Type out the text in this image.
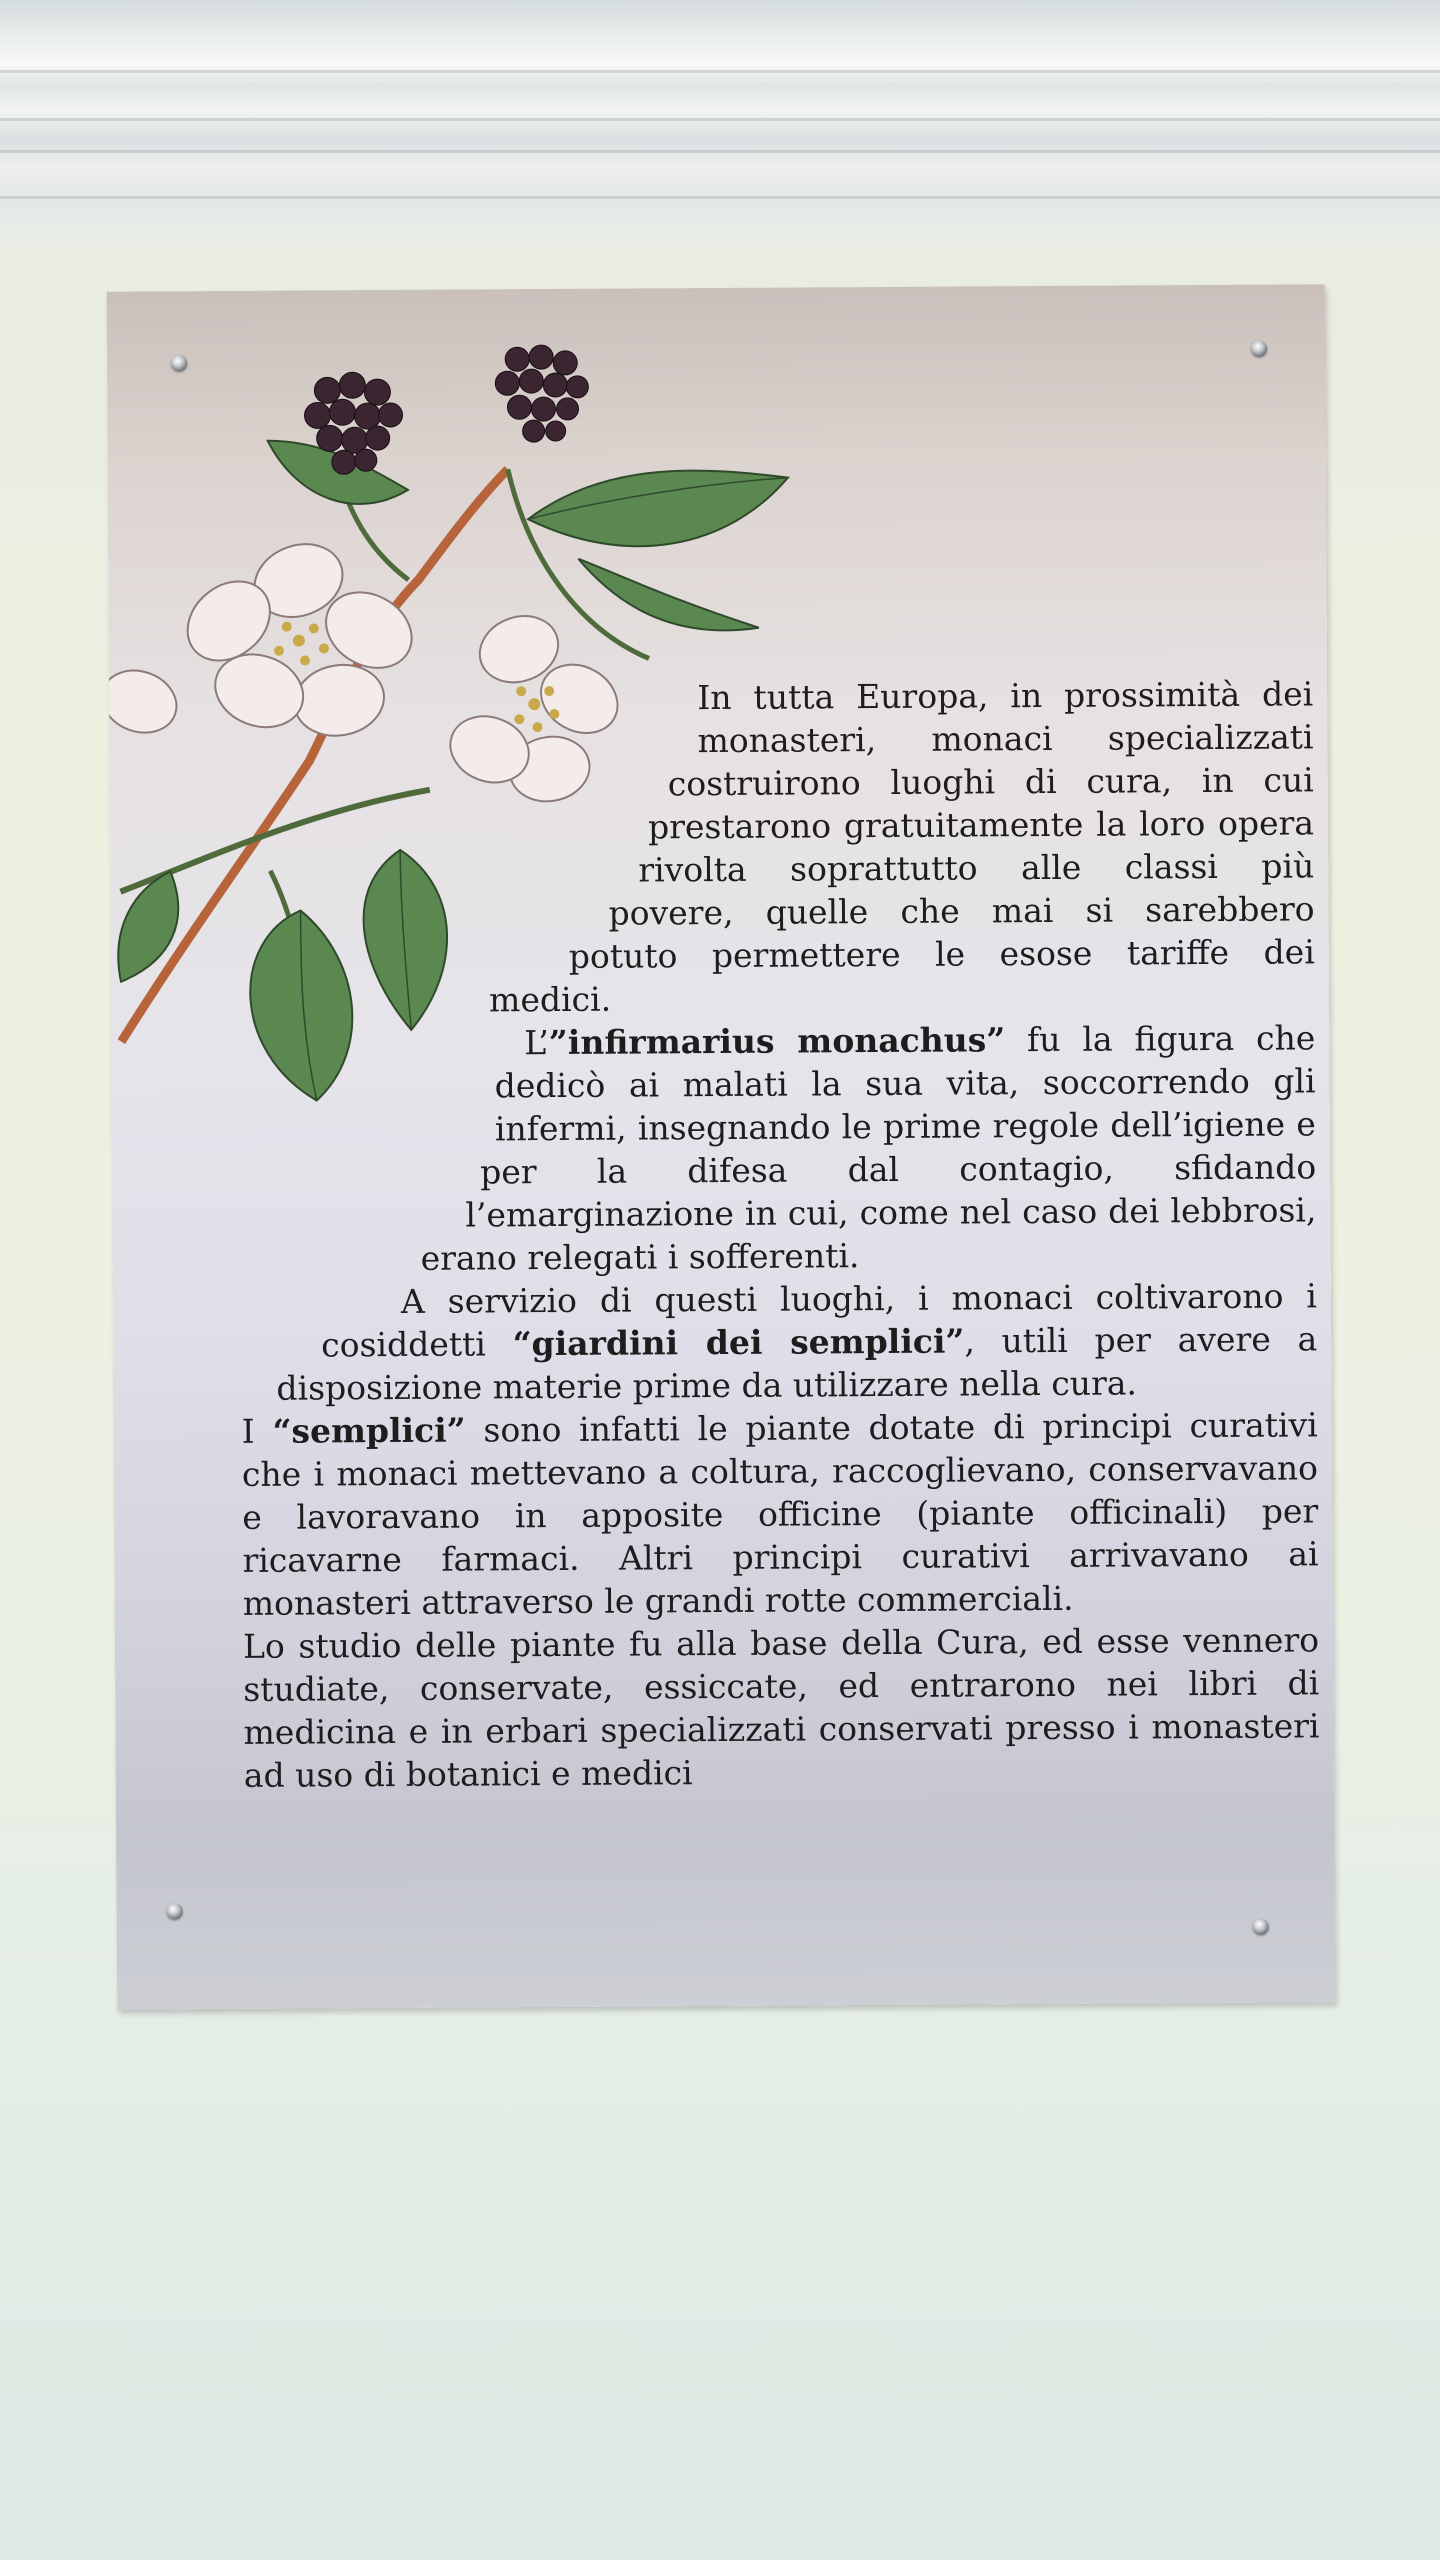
In tutta Europa, in prossimità dei monasteri, monaci specializzati costruirono luoghi di cura, in cui prestarono gratuitamente la loro opera rivolta soprattutto alle classi più povere, quelle che mai si sarebbero potuto permettere le esose tariffe dei medici.

L’”infirmarius monachus” fu la figura che dedicò ai malati la sua vita, soccorrendo gli infermi, insegnando le prime regole dell’igiene e per la difesa dal contagio, sfidando l’emarginazione in cui, come nel caso dei lebbrosi, erano relegati i sofferenti.

A servizio di questi luoghi, i monaci coltivarono i cosiddetti “giardini dei semplici”, utili per avere a disposizione materie prime da utilizzare nella cura.

I “semplici” sono infatti le piante dotate di principi curativi che i monaci mettevano a coltura, raccoglievano, conservavano e lavoravano in apposite officine (piante officinali) per ricavarne farmaci. Altri principi curativi arrivavano ai monasteri attraverso le grandi rotte commerciali.

Lo studio delle piante fu alla base della Cura, ed esse vennero studiate, conservate, essiccate, ed entrarono nei libri di medicina e in erbari specializzati conservati presso i monasteri ad uso di botanici e medici
